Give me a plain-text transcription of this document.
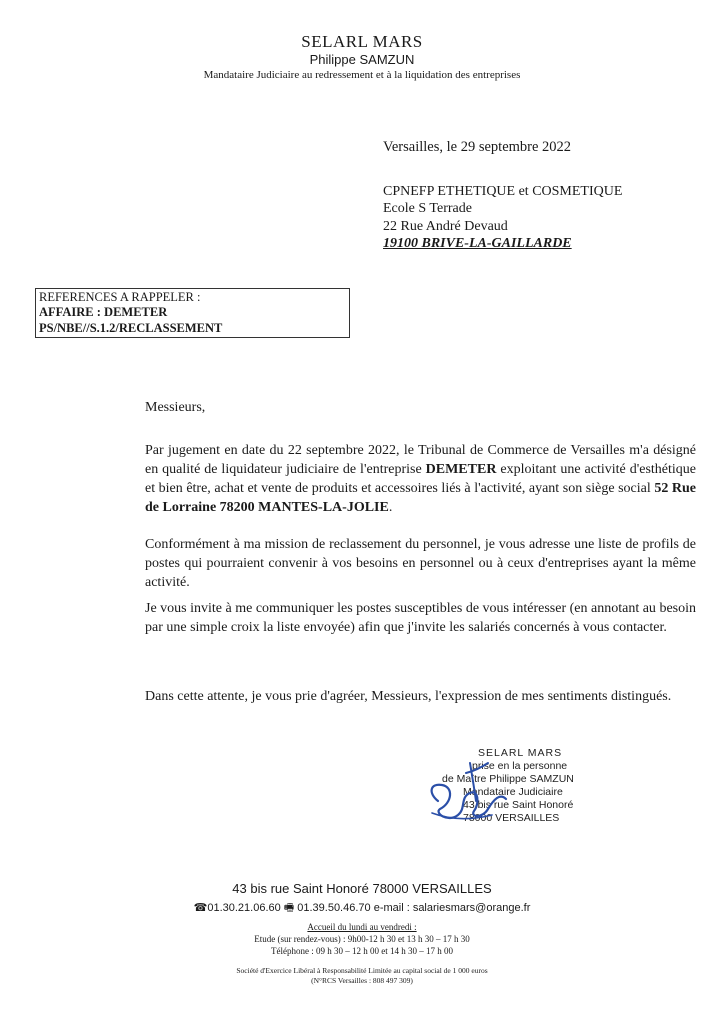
SELARL MARS
Philippe SAMZUN
Mandataire Judiciaire au redressement et à la liquidation des entreprises
Versailles, le 29 septembre 2022
CPNEFP ETHETIQUE et COSMETIQUE
Ecole S Terrade
22 Rue André Devaud
19100 BRIVE-LA-GAILLARDE
REFERENCES A RAPPELER :
AFFAIRE : DEMETER
PS/NBE//S.1.2/RECLASSEMENT
Messieurs,
Par jugement en date du 22 septembre 2022, le Tribunal de Commerce de Versailles m'a désigné en qualité de liquidateur judiciaire de l'entreprise DEMETER exploitant une activité d'esthétique et bien être, achat et vente de produits et accessoires liés à l'activité, ayant son siège social 52 Rue de Lorraine 78200 MANTES-LA-JOLIE.
Conformément à ma mission de reclassement du personnel, je vous adresse une liste de profils de postes qui pourraient convenir à vos besoins en personnel ou à ceux d'entreprises ayant la même activité.
Je vous invite à me communiquer les postes susceptibles de vous intéresser (en annotant au besoin par une simple croix la liste envoyée) afin que j'invite les salariés concernés à vous contacter.
Dans cette attente, je vous prie d'agréer, Messieurs, l'expression de mes sentiments distingués.
SELARL MARS
prise en la personne
de Maître Philippe SAMZUN
Mandataire Judiciaire
43 bis rue Saint Honoré
78000 VERSAILLES
43 bis rue Saint Honoré 78000 VERSAILLES
☎01.30.21.06.60 🖷 01.39.50.46.70 e-mail : salariesmars@orange.fr
Accueil du lundi au vendredi :
Etude (sur rendez-vous) : 9h00-12 h 30 et 13 h 30 – 17 h 30
Téléphone : 09 h 30 – 12 h 00 et 14 h 30 – 17 h 00
Société d'Exercice Libéral à Responsabilité Limitée au capital social de 1 000 euros
(N°RCS Versailles : 808 497 309)
